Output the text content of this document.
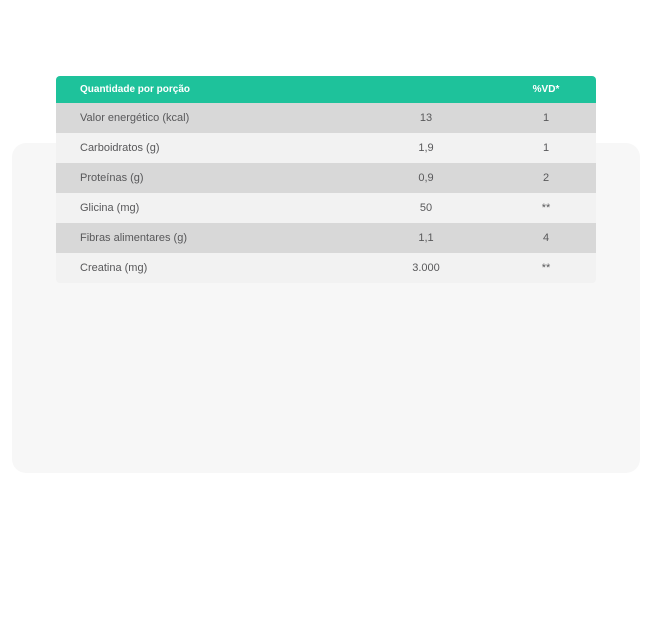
Quantidade por porção		%VD*
Valor energético (kcal)	13	1
Carboidratos (g)	1,9	1
Proteínas (g)	0,9	2
Glicina (mg)	50	**
Fibras alimentares (g)	1,1	4
Creatina (mg)	3.000	**
